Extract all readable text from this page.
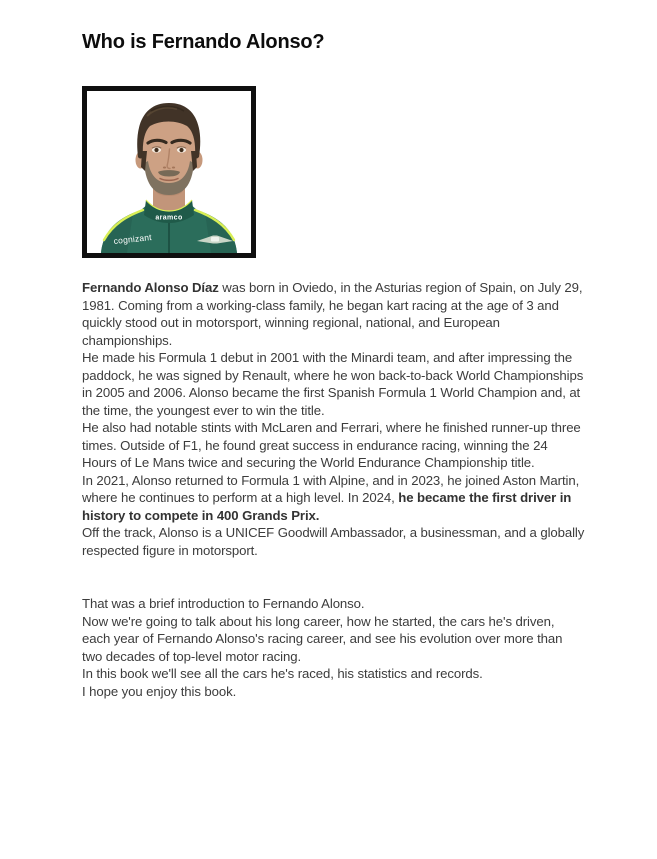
Who is Fernando Alonso?
aramco
cognizant

Fernando Alonso Díaz was born in Oviedo, in the Asturias region of Spain, on July 29, 1981. Coming from a working-class family, he began kart racing at the age of 3 and quickly stood out in motorsport, winning regional, national, and European championships.

He made his Formula 1 debut in 2001 with the Minardi team, and after impressing the paddock, he was signed by Renault, where he won back-to-back World Championships in 2005 and 2006. Alonso became the first Spanish Formula 1 World Champion and, at the time, the youngest ever to win the title.

He also had notable stints with McLaren and Ferrari, where he finished runner-up three times. Outside of F1, he found great success in endurance racing, winning the 24 Hours of Le Mans twice and securing the World Endurance Championship title.

In 2021, Alonso returned to Formula 1 with Alpine, and in 2023, he joined Aston Martin, where he continues to perform at a high level. In 2024, he became the first driver in history to compete in 400 Grands Prix.

Off the track, Alonso is a UNICEF Goodwill Ambassador, a businessman, and a globally respected figure in motorsport.

That was a brief introduction to Fernando Alonso.

Now we're going to talk about his long career, how he started, the cars he's driven, each year of Fernando Alonso's racing career, and see his evolution over more than two decades of top-level motor racing.

In this book we'll see all the cars he's raced, his statistics and records.

I hope you enjoy this book.
